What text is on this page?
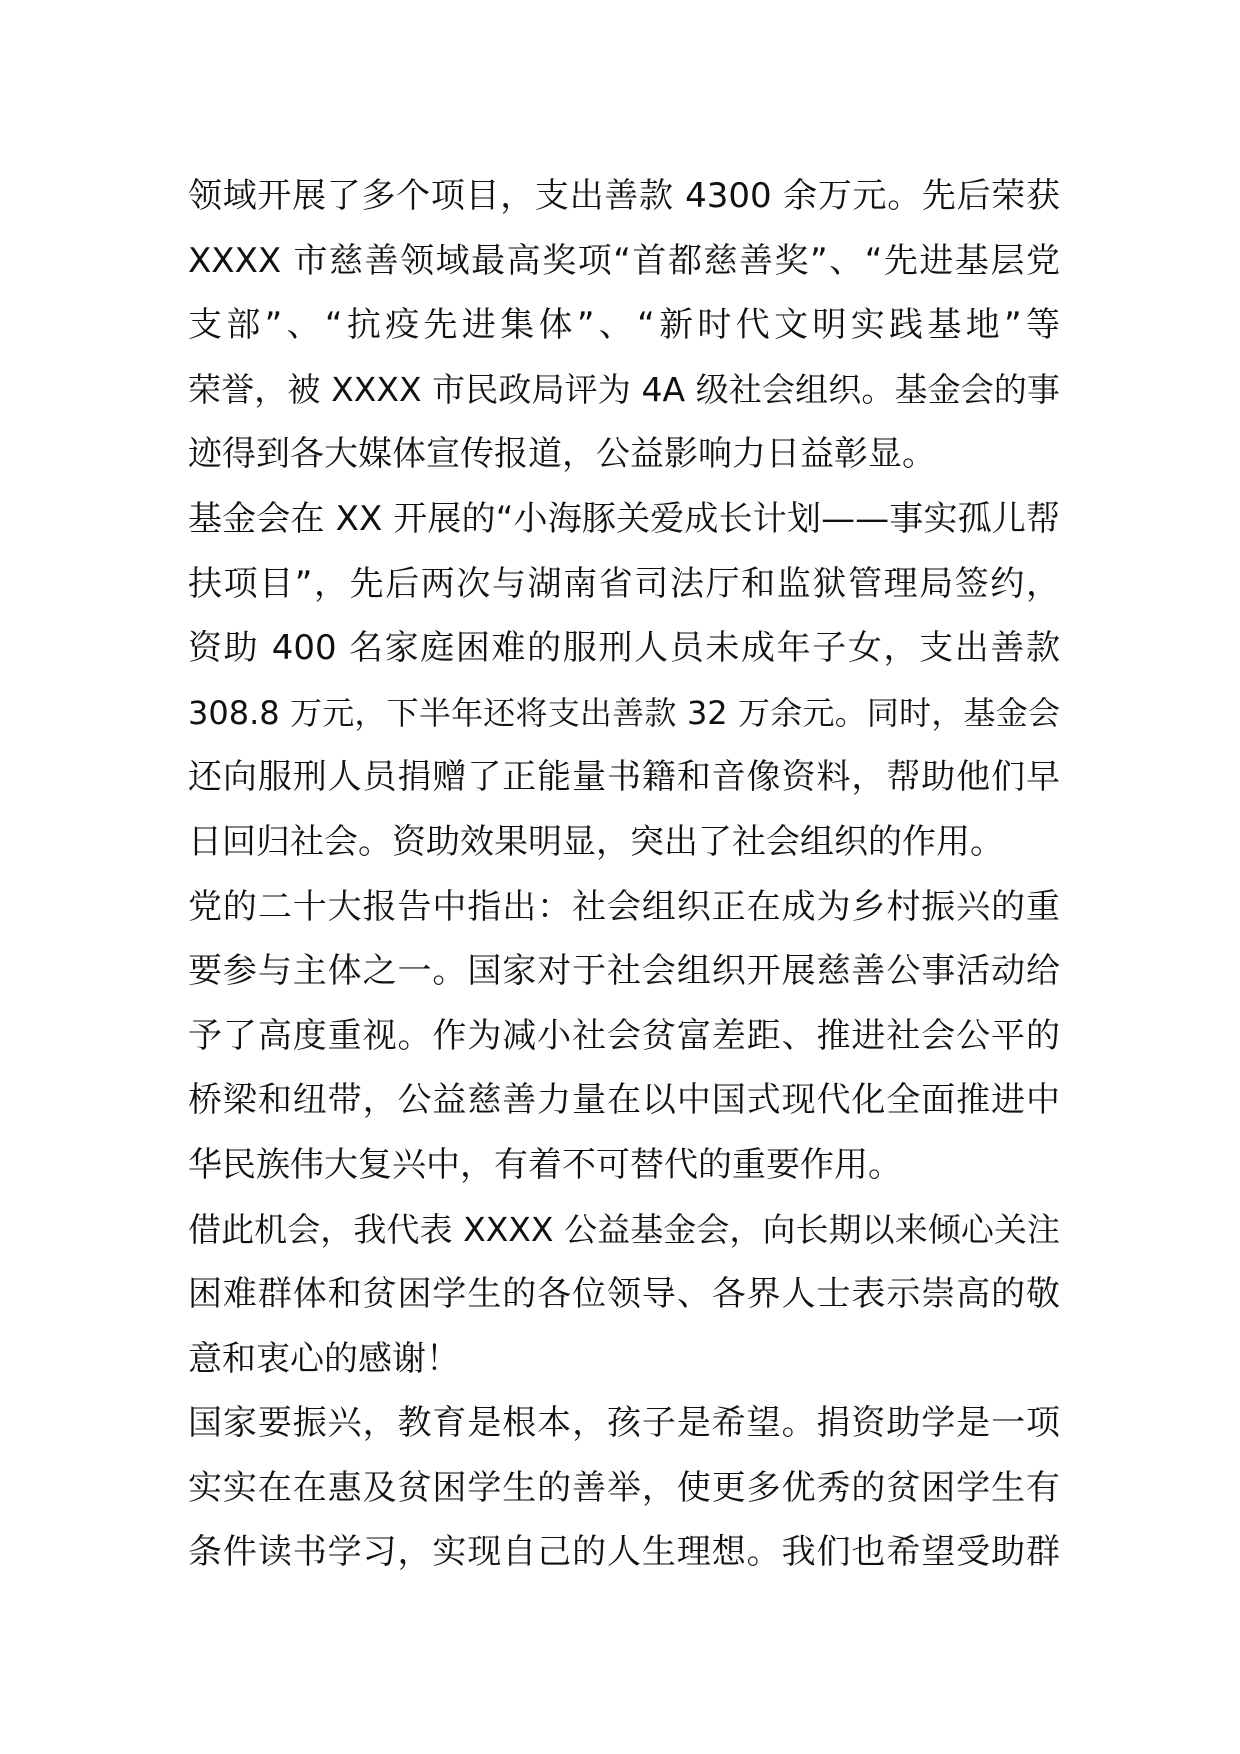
领域开展了多个项目，支出善款 4300 余万元。先后荣获
XXXX 市慈善领域最高奖项“首都慈善奖”、“先进基层党
支部”、“抗疫先进集体”、“新时代文明实践基地”等
荣誉，被 XXXX 市民政局评为 4A 级社会组织。基金会的事
迹得到各大媒体宣传报道，公益影响力日益彰显。
基金会在 XX 开展的“小海豚关爱成长计划——事实孤儿帮
扶项目”，先后两次与湖南省司法厅和监狱管理局签约，
资助 400 名家庭困难的服刑人员未成年子女，支出善款
308.8 万元，下半年还将支出善款 32 万余元。同时，基金会
还向服刑人员捐赠了正能量书籍和音像资料，帮助他们早
日回归社会。资助效果明显，突出了社会组织的作用。
党的二十大报告中指出：社会组织正在成为乡村振兴的重
要参与主体之一。国家对于社会组织开展慈善公事活动给
予了高度重视。作为减小社会贫富差距、推进社会公平的
桥梁和纽带，公益慈善力量在以中国式现代化全面推进中
华民族伟大复兴中，有着不可替代的重要作用。
借此机会，我代表 XXXX 公益基金会，向长期以来倾心关注
困难群体和贫困学生的各位领导、各界人士表示崇高的敬
意和衷心的感谢！
国家要振兴，教育是根本，孩子是希望。捐资助学是一项
实实在在惠及贫困学生的善举，使更多优秀的贫困学生有
条件读书学习，实现自己的人生理想。我们也希望受助群
